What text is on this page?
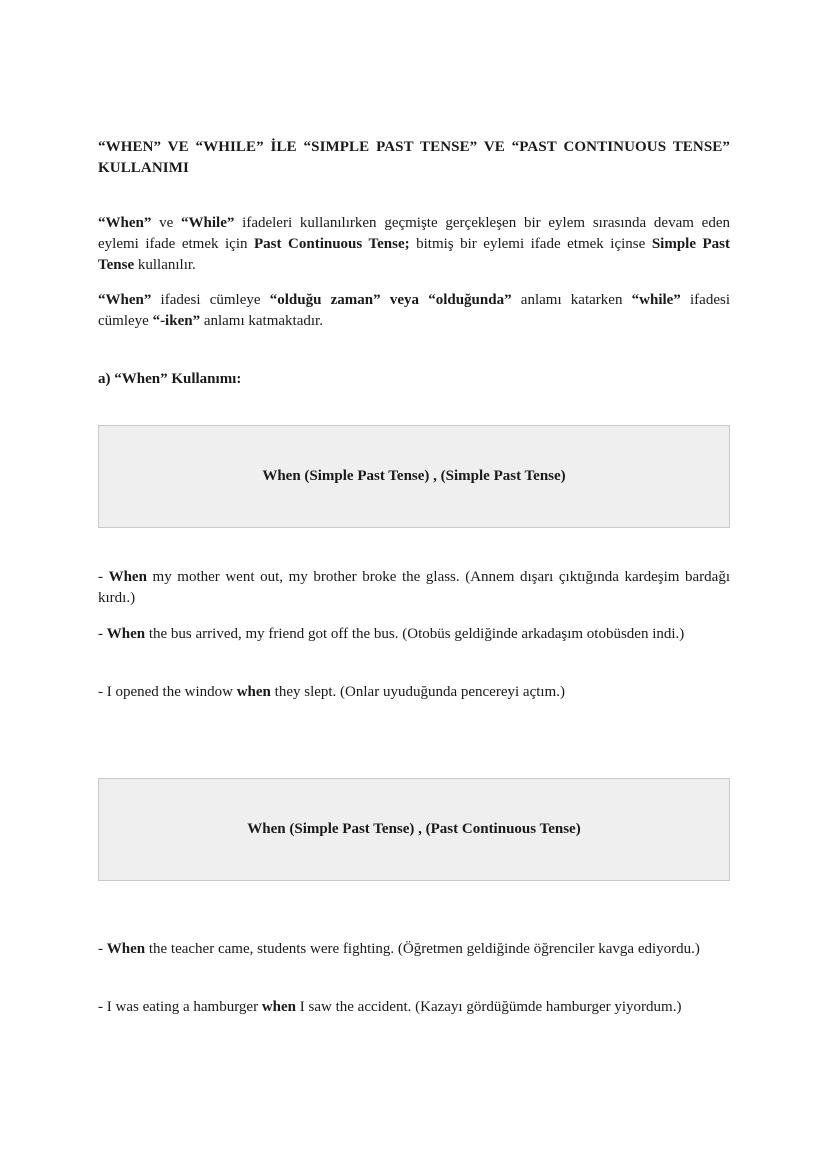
“WHEN” VE “WHILE” İLE “SIMPLE PAST TENSE” VE “PAST CONTINUOUS TENSE” KULLANIMI

“When” ve “While” ifadeleri kullanılırken geçmişte gerçekleşen bir eylem sırasında devam eden eylemi ifade etmek için Past Continuous Tense; bitmiş bir eylemi ifade etmek içinse Simple Past Tense kullanılır.

“When” ifadesi cümleye “olduğu zaman” veya “olduğunda” anlamı katarken “while” ifadesi cümleye “-iken” anlamı katmaktadır.

a) “When” Kullanımı:
When (Simple Past Tense) , (Simple Past Tense)

- When my mother went out, my brother broke the glass. (Annem dışarı çıktığında kardeşim bardağı kırdı.)

- When the bus arrived, my friend got off the bus. (Otobüs geldiğinde arkadaşım otobüsden indi.)

- I opened the window when they slept. (Onlar uyuduğunda pencereyi açtım.)

When (Simple Past Tense) , (Past Continuous Tense)

- When the teacher came, students were fighting. (Öğretmen geldiğinde öğrenciler kavga ediyordu.)

- I was eating a hamburger when I saw the accident. (Kazayı gördüğümde hamburger yiyordum.)
